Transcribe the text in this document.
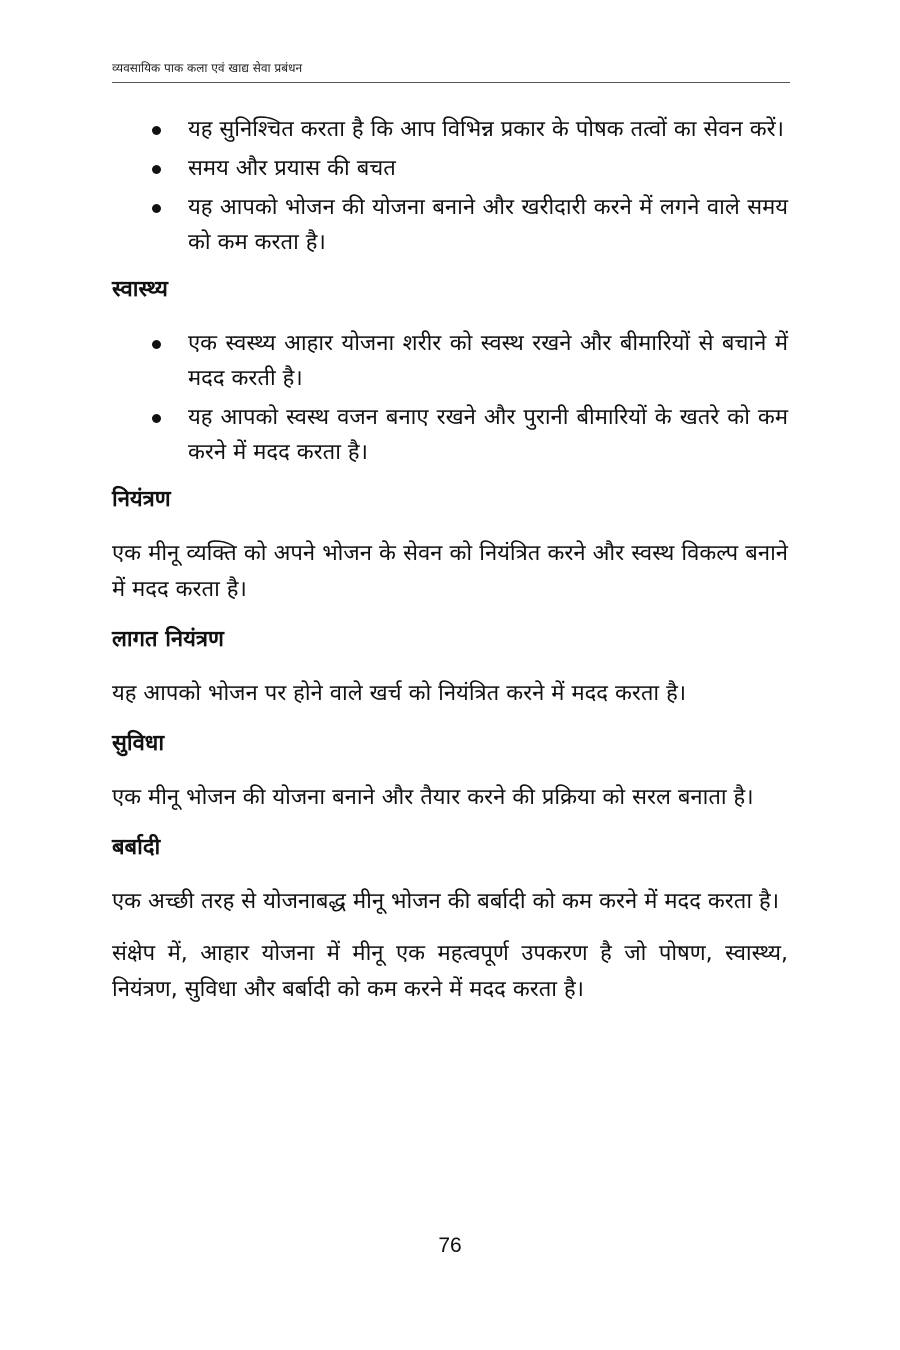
व्यवसायिक पाक कला एवं खाद्य सेवा प्रबंधन
यह सुनिश्चित करता है कि आप विभिन्न प्रकार के पोषक तत्वों का सेवन करें।
समय और प्रयास की बचत
यह आपको भोजन की योजना बनाने और खरीदारी करने में लगने वाले समय को कम करता है।
स्वास्थ्य
एक स्वस्थ्य आहार योजना शरीर को स्वस्थ रखने और बीमारियों से बचाने में मदद करती है।
यह आपको स्वस्थ वजन बनाए रखने और पुरानी बीमारियों के खतरे को कम करने में मदद करता है।
नियंत्रण

एक मीनू व्यक्ति को अपने भोजन के सेवन को नियंत्रित करने और स्वस्थ विकल्प बनाने में मदद करता है।

लागत नियंत्रण

यह आपको भोजन पर होने वाले खर्च को नियंत्रित करने में मदद करता है।

सुविधा

एक मीनू भोजन की योजना बनाने और तैयार करने की प्रक्रिया को सरल बनाता है।

बर्बादी

एक अच्छी तरह से योजनाबद्ध मीनू भोजन की बर्बादी को कम करने में मदद करता है।

संक्षेप में, आहार योजना में मीनू एक महत्वपूर्ण उपकरण है जो पोषण, स्वास्थ्य, नियंत्रण, सुविधा और बर्बादी को कम करने में मदद करता है।

76
